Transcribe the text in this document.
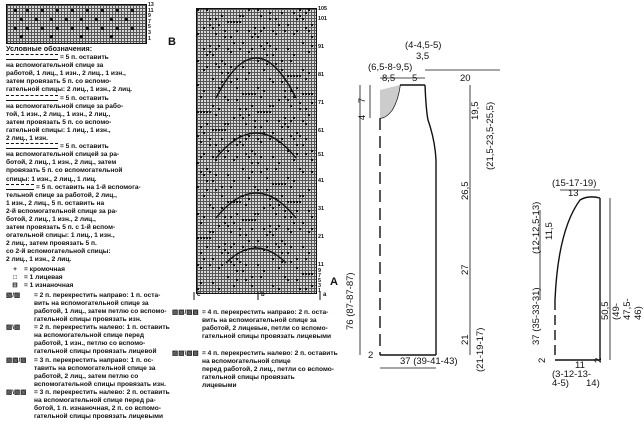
13
11
9
7
5
3
1
Условные обозначения:
= 5 п. оставить
на вспомогательной спице за
работой, 1 лиц., 1 изн., 2 лиц., 1 изн.,
затем провязать 5 п. со вспомо-
гательной спицы: 2 лиц., 1 изн., 2 лиц.
= 5 п. оставить
на вспомогательной спице за рабо-
той, 1 изн., 2 лиц., 1 изн., 2 лиц.,
затем провязать 5 п. со вспомо-
гательной спицы: 1 лиц., 1 изн.,
2 лиц., 1 изн.
= 5 п. оставить
на вспомогательной спицей за ра-
ботой, 2 лиц., 1 изн., 2 лиц., затем
провязать 5 п. со вспомогательной
спицы: 1 изн., 2 лиц., 1 лиц.
= 5 п. оставить на 1-й вспомога-
тельной спице за работой, 2 лиц.,
1 изн., 2 лиц., 5 п. оставить на
2-й вспомогательной спице за ра-
ботой, 2 лиц., 1 изн., 2 лиц.,
затем провязать 5 п. с 1-й вспом-
огательной спицы: 1 лиц., 1 изн.,
2 лиц., затем провязать 5 п.
со 2-й вспомогательной спицы:
2 лиц., 1 изн., 2 лиц.
+ = кромочная
□ = 1 лицевая
⊟ = 1 изнаночная
▧/▨ = 2 п. перекрестить направо: 1 п. оста-
вить на вспомогательной спице за
работой, 1 лиц., затем петлю со вспомо-
гательной спицы провязать изн.
▨\▧ = 2 п. перекрестить налево: 1 п. оставить
на вспомогательной спице перед
работой, 1 изн., петлю со вспомо-
гательной спицы провязать лицевой
▧▧/▨ = 3 п. перекрестить направо: 1 п. ос-
тавить на вспомогательной спице за
работой, 2 лиц., затем петлю со
вспомогательной спицы провязать изн.
▨\▧▧ = 3 п. перекрестить налево: 2 п. оставить
на вспомогательной спице перед ра-
ботой, 1 п. изнаночная, 2 п. со вспомо-
гательной спицы провязать лицевыми
B
105
101
91
81
71
61
51
41
31
21
11
9
7
5
3
1
A
c	b	a
▧▧/▨▨ = 4 п. перекрестить направо: 2 п. оста-
вить на вспомогательной спице за
работой, 2 лицевые, петли со вспомо-
гательной спицы провязать лицевыми
▨▨\▧▧ = 4 п. перекрестить налево: 2 п. оставить
на вспомогательной спице
перед работой, 2 лиц., петли со вспомо-
гательной спицы провязать
лицевыми
(4-4,5-5)
3,5
(6,5-8-9,5)
8,5 5	20
7
4	19,5 (21,5-23,5-25,5)
26,5
76 (87-87-87)
27
21 (21-19-17)
37 (39-41-43)
2
(15-17-19)
13
(12-12,5-13) 11,5
37 (35-33-31)	50,5 (49-47,5-46)
2	2
11
(3-12-13-
4-5) 14)
